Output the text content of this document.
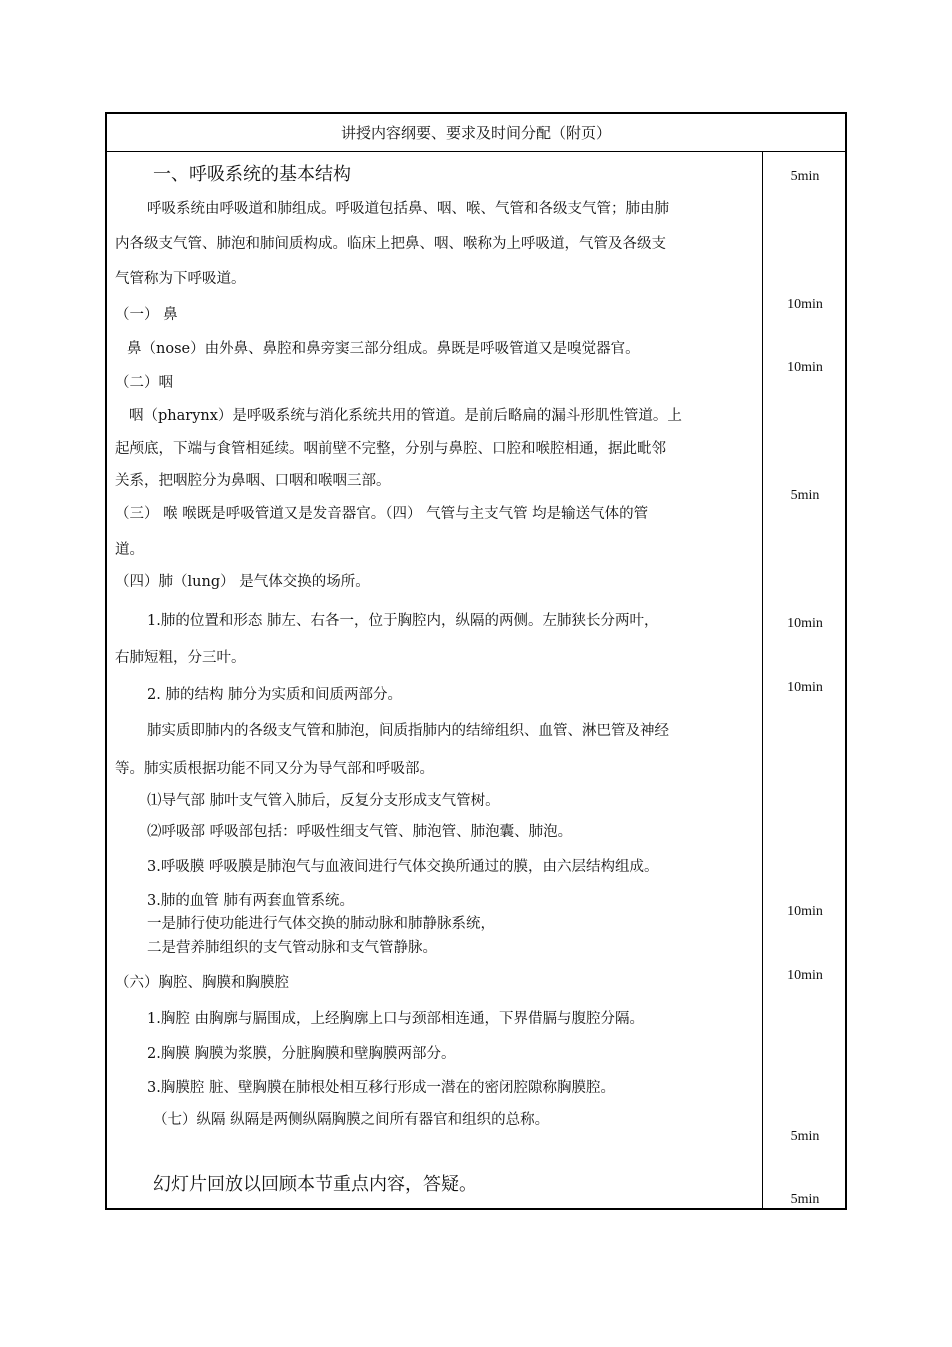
讲授内容纲要、要求及时间分配（附页）
一、呼吸系统的基本结构
呼吸系统由呼吸道和肺组成。呼吸道包括鼻、咽、喉、气管和各级支气管；肺由肺
内各级支气管、肺泡和肺间质构成。临床上把鼻、咽、喉称为上呼吸道，气管及各级支
气管称为下呼吸道。
（一） 鼻
鼻（nose）由外鼻、鼻腔和鼻旁窦三部分组成。鼻既是呼吸管道又是嗅觉器官。
（二）咽
咽（pharynx）是呼吸系统与消化系统共用的管道。是前后略扁的漏斗形肌性管道。上
起颅底，下端与食管相延续。咽前壁不完整，分别与鼻腔、口腔和喉腔相通，据此毗邻
关系，把咽腔分为鼻咽、口咽和喉咽三部。
（三） 喉 喉既是呼吸管道又是发音器官。（四） 气管与主支气管 均是输送气体的管
道。
（四）肺（lung） 是气体交换的场所。
1.肺的位置和形态 肺左、右各一，位于胸腔内，纵隔的两侧。左肺狭长分两叶，
右肺短粗，分三叶。
2. 肺的结构 肺分为实质和间质两部分。
肺实质即肺内的各级支气管和肺泡，间质指肺内的结缔组织、血管、淋巴管及神经
等。肺实质根据功能不同又分为导气部和呼吸部。
⑴导气部 肺叶支气管入肺后，反复分支形成支气管树。
⑵呼吸部 呼吸部包括：呼吸性细支气管、肺泡管、肺泡囊、肺泡。
3.呼吸膜 呼吸膜是肺泡气与血液间进行气体交换所通过的膜，由六层结构组成。
3.肺的血管 肺有两套血管系统。
一是肺行使功能进行气体交换的肺动脉和肺静脉系统，
二是营养肺组织的支气管动脉和支气管静脉。
（六）胸腔、胸膜和胸膜腔
1.胸腔 由胸廓与膈围成，上经胸廓上口与颈部相连通，下界借膈与腹腔分隔。
2.胸膜 胸膜为浆膜，分脏胸膜和壁胸膜两部分。
3.胸膜腔 脏、壁胸膜在肺根处相互移行形成一潜在的密闭腔隙称胸膜腔。
（七）纵隔 纵隔是两侧纵隔胸膜之间所有器官和组织的总称。
幻灯片回放以回顾本节重点内容，答疑。
5min
10min
10min
5min
10min
10min
10min
10min
5min
5min
